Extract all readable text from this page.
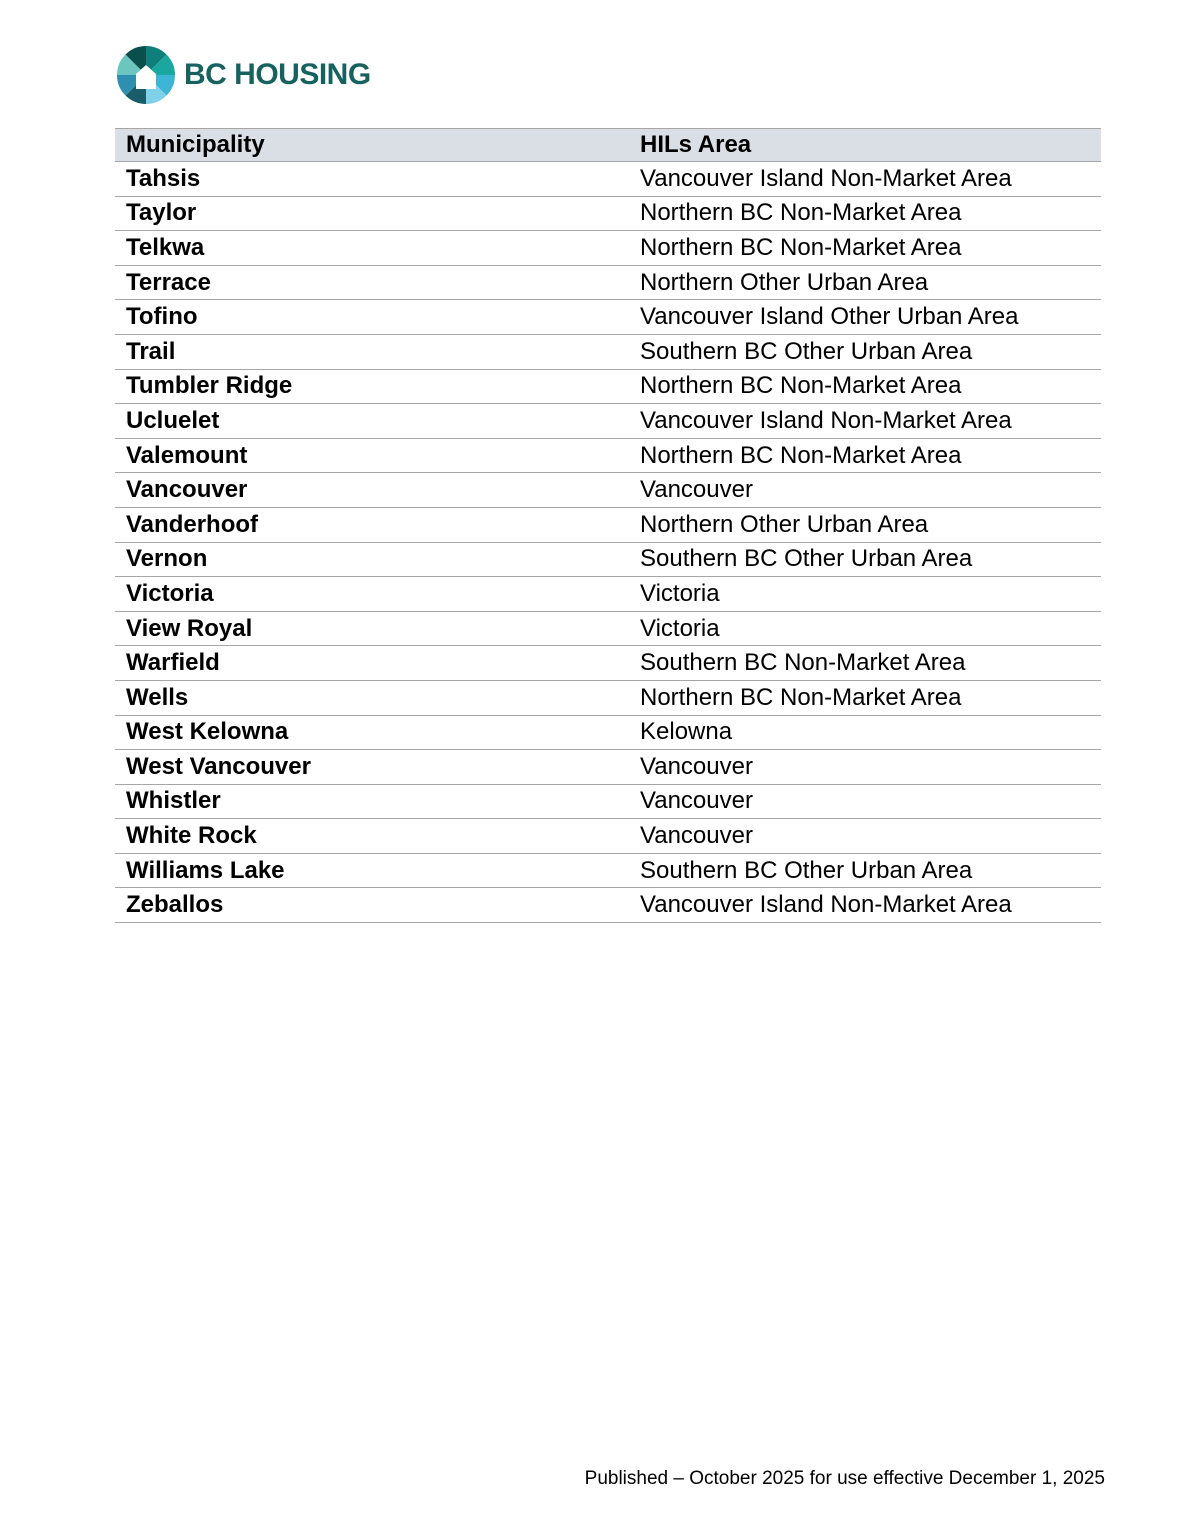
BC HOUSING
Municipality	HILs Area
Tahsis	Vancouver Island Non-Market Area
Taylor	Northern BC Non-Market Area
Telkwa	Northern BC Non-Market Area
Terrace	Northern Other Urban Area
Tofino	Vancouver Island Other Urban Area
Trail	Southern BC Other Urban Area
Tumbler Ridge	Northern BC Non-Market Area
Ucluelet	Vancouver Island Non-Market Area
Valemount	Northern BC Non-Market Area
Vancouver	Vancouver
Vanderhoof	Northern Other Urban Area
Vernon	Southern BC Other Urban Area
Victoria	Victoria
View Royal	Victoria
Warfield	Southern BC Non-Market Area
Wells	Northern BC Non-Market Area
West Kelowna	Kelowna
West Vancouver	Vancouver
Whistler	Vancouver
White Rock	Vancouver
Williams Lake	Southern BC Other Urban Area
Zeballos	Vancouver Island Non-Market Area
Published – October 2025 for use effective December 1, 2025
